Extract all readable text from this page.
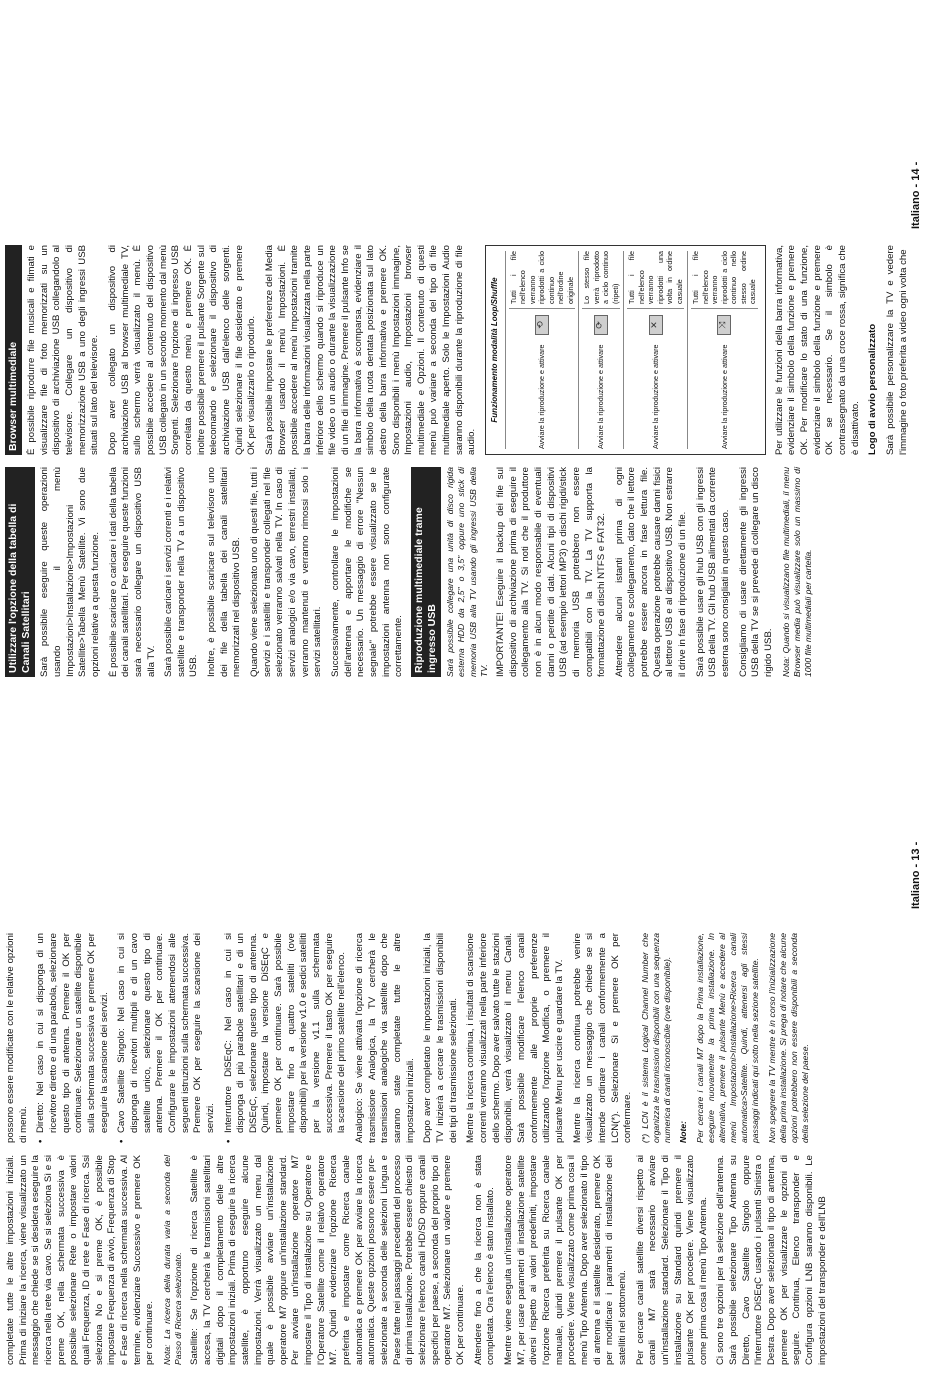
completate tutte le altre impostazioni iniziali. Prima di iniziare la ricerca, viene visualizzato un messaggio che chiede se si desidera eseguire la ricerca nella rete via cavo. Se si seleziona Sì e si preme OK, nella schermata successiva è possibile selezionare Rete o impostare valori quali Frequenza, ID di rete e Fase di ricerca. Ssi seleziona No e si preme OK, è possibile impostare Frequenza di avvio, Frequenza di Stop e Fase di ricerca nella schermata successiva. Al termine, evidenziare Successivo e premere OK per continuare. Nota: La ricerca della durata varia a seconda del Passo di Ricerca selezionato. Satellite: Se l'opzione di ricerca Satellite è accesa, la TV cercherà le trasmissioni satellitari digitali dopo il completamento delle altre impostazioni iniziali. Prima di eseguire la ricerca satellite, è opportuno eseguire alcune impostazioni. Verrà visualizzato un menu dal quale è possibile avviare un'installazione operatore M7 oppure un'installazione standard. Per avviare un'installazione operatore M7 impostare il Tipo di installazione su Operatore e l'Operatore Satellite come il relativo operatore M7. Quindi evidenziare l'opzione Ricerca preferita e impostare come Ricerca canale automatica e premere OK per avviare la ricerca automatica. Queste opzioni possono essere pre-selezionate a seconda delle selezioni Lingua e Paese fatte nei passaggi precedenti del processo di prima installazione. Potrebbe essere chiesto di selezionare l'elenco canali HD/SD oppure canali specifici per paese, a seconda del proprio tipo di operatore M7. Selezionare un valore e premere OK per continuare. Attendere fino a che la ricerca non è stata completata. Ora l'elenco è stato installato. Mentre viene eseguita un'installazione operatore M7, per usare parametri di installazione satellite diversi rispetto ai valori predefiniti, impostare l'opzione Ricerca preferita su Ricerca canale manuale, quindi premere il pulsante OK per procedere. Viene visualizzato come prima cosa il menù Tipo Antenna. Dopo aver selezionato il tipo di antenna e il satellite desiderato, premere OK per modificare i parametri di installazione dei satelliti nel sottomenù. Per cercare canali satellite diversi rispetto ai canali M7 sarà necessario avviare un'installazione standard. Selezionare il Tipo di installazione su Standard quindi premere il pulsante OK per procedere. Viene visualizzato come prima cosa il menù Tipo Antenna. Ci sono tre opzioni per la selezione dell'antenna. Sarà possibile selezionare Tipo Antenna su Diretto, Cavo Satellite Singolo oppure l'interruttore DiSEqC usando i pulsanti Sinistra o Destra. Dopo aver selezionato il tipo di antenna, premere OK per visualizzare le opzioni di seguire. Continua, Elenco transponder e Configura opzioni LNB saranno disponibili. Le impostazioni del transponder e dell'LNB

possono essere modificate con le relative opzioni di menù. • Diretto: Nel caso in cui si disponga di un ricevitore diretto e di una parabola, selezionare questo tipo di antenna. Premere il OK per continuare. Selezionare un satellite disponibile sulla schermata successiva e premere OK per eseguire la scansione dei servizi. • Cavo Satellite Singolo: Nel caso in cui si disponga di ricevitori multipli e di un cavo satellite unico, selezionare questo tipo di antenna. Premere il OK per continuare. Configurare le impostazioni attenendosi alle seguenti istruzioni sulla schermata successiva. Premere OK per eseguire la scansione dei servizi. • Interruttore DiSEqC: Nel caso in cui si disponga di più parabole satellitari e di un DiSEqC, selezionare questo tipo di antenna. Quindi, impostare la versione DiSEqC e premere OK per continuare. Sarà possibile impostare fino a quattro satelliti (ove disponibili) per la versione v1.0 e sedici satelliti per la versione v1.1 sulla schermata successiva. Premere il tasto OK per eseguire la scansione del primo satellite nell'elenco. Analogico: Se viene attivata l'opzione di ricerca trasmissione Analogica, la TV cercherà le trasmissioni analogiche via satellite dopo che saranno state completate tutte le altre impostazioni iniziali. Dopo aver completato le impostazioni iniziali, la TV inizierà a cercare le trasmissioni disponibili dei tipi di trasmissione selezionati. Mentre la ricerca continua, i risultati di scansione correnti verranno visualizzati nella parte inferiore dello schermo. Dopo aver salvato tutte le stazioni disponibili, verrà visualizzato il menu Canali. Sarà possibile modificare l'elenco canali conformemente alle proprie preferenze utilizzando l'opzione Modifica, o premere il pulsante Menu per uscire e guardare la TV. Mentre la ricerca continua potrebbe venire visualizzato un messaggio che chiede se si intende ordinare i canali conformemente a LCN(*). Selezionare Sì e premere OK per confermare. (*) LCN è il sistema Logical Channel Number che organizza le trasmissioni disponibili con una sequenza numerica di canali riconoscibile (ove disponibile). Note: Per cercare i canali M7 dopo la Prima installazione, eseguire nuovamente la prima installazione. In alternativa, premere il pulsante Menù e accedere al menù Impostazioni>Installazione>Ricerca canali automatica>Satellite. Quindi, attenersi agli stessi passaggi indicati qui sotto nella sezione satellite. Non spegnere la TV mentre è in corso l'inizializzazione della prima installazione. Si prega di notare che alcune opzioni potrebbero non essere disponibili a seconda della selezione del paese.

Italiano - 13 -
Utilizzare l'opzione della tabella di Canali Satellitari Sarà possibile eseguire queste operazioni usando il menù Impostazioni>Installazione>Impostazioni Satellite>Tabella Menù Satellite. Vi sono due opzioni relative a questa funzione. È possibile scaricare o caricare i dati della tabella dei canali satellitari. Per eseguire queste funzioni sarà necessario collegare un dispositivo USB alla TV. Sarà possibile caricare i servizi correnti e i relativi satellite e transponder nella TV a un dispositivo USB. Inoltre, è possibile scaricare sul televisore uno dei file della tabella dei canali satellitari memorizzati nel dispositivo USB. Quando viene selezionato uno di questi file, tutti i servizi e i satelliti e transponder collegati nel file selezionato verranno salvati nella TV. In caso di servizi analogici e/o via cavo, terrestri installati, verranno mantenuti e verranno rimossi solo i servizi satellitari. Successivamente, controllare le impostazioni dell'antenna e apportare le modifiche se necessario. Un messaggio di errore "Nessun segnale" potrebbe essere visualizzato se le impostazioni antenna non sono configurate correttamente. Riproduzione multimediale trame ingresso USB Sarà possibile collegare una unità di disco rigida esterna HDD da 2,5" o 3,5" oppure uno stick di memoria USB alla TV usando gli ingressi USB della TV. IMPORTANTE! Eseguire il backup dei file sul dispositivo di archiviazione prima di eseguire il collegamento alla TV. Si noti che il produttore non è in alcun modo responsabile di eventuali danni o perdite di dati. Alcuni tipi di dispositivi USB (ad esempio lettori MP3) o dischi rigidi/stick di memoria USB potrebbero non essere compatibili con la TV. La TV supporta la formattazione di dischi NTFS e FAT32. Attendere alcuni istanti prima di ogni collegamento e scollegamento, dato che il lettore potrebbe essere ancora in fase lettura file. Questa operazione potrebbe causare danni fisici al lettore USB e al dispositivo USB. Non estrarre il drive in fase di riproduzione di un file. Sarà possibile usare gli hub USB con gli ingressi USB della TV. Gli hub USB alimentati da corrente esterna sono consigliati in questo caso. Consigliamo di usare direttamente gli ingressi USB della TV se si prevede di collegare un disco rigido USB. Nota: Quando si visualizzano file multimediali, il menu Browser media può visualizzare solo un massimo di 1000 file multimediali per cartella.

Browser multimediale È possibile riprodurre file musicali e filmati e visualizzare file di foto memorizzati su un dispositivo di archiviazione USB collegandolo al televisore. Collegare un dispositivo di memorizzazione USB a uno degli ingressi USB situati sul lato del televisore. Dopo aver collegato un dispositivo di archiviazione USB al browser multimediale TV, sullo schermo verrà visualizzato il menù. È possibile accedere al contenuto del dispositivo USB collegato in un secondo momento dal menù Sorgenti. Selezionare l'opzione di ingresso USB correlata da questo menù e premere OK. È inoltre possibile premere il pulsante Sorgente sul telecomando e selezionare il dispositivo di archiviazione USB dall'elenco delle sorgenti. Quindi selezionare il file desiderato e premere OK per visualizzarlo o riprodurlo. Sarà possibile impostare le preferenze del Media Browser usando il menù Impostazioni. È possibile accedere al menù Impostazioni tramite la barra delle informazioni visualizzata nella parte inferiore dello schermo quando si riproduce un file video o un audio o durante la visualizzazione di un file di immagine. Premere il pulsante Info se la barra informativa è scomparsa, evidenziare il simbolo della ruota dentata posizionata sul lato destro della barra informativa e premere OK. Sono disponibili i menù Impostazioni immagine, Impostazioni audio, Impostazioni browser multimediale e Opzioni. Il contenuto di questi menù può variare a seconda del tipo di file multimediale aperto. Solo le Impostazioni Audio saranno disponibili durante la riproduzione di file audio.

Funzionamento modalità Loop/Shuffle	Avviare la riproduzione e attivare
⟲
Tutti i file nell'elenco verranno riprodotti a ciclo continuo nell'ordine originale
Avviare la riproduzione e attivare
⟳
Lo stesso file verrà riprodotto a ciclo continuo (ripeti)
Avviare la riproduzione e attivare
✕
Tutti i file nell'elenco verranno riprodotti una volta in ordine casuale
Avviare la riproduzione e attivare
⤨
Tutti i file nell'elenco verranno riprodotti a ciclo continuo nello stesso ordine casuale Per utilizzare le funzioni della barra informativa, evidenziare il simbolo della funzione e premere OK. Per modificare lo stato di una funzione, evidenziare il simbolo della funzione e premere OK se necessario. Se il simbolo è contrassegnato da una croce rossa, significa che è disattivato. Logo di avvio personalizzato Sarà possibile personalizzare la TV e vedere l'immagine o foto preferita a video ogni volta che

Italiano - 14 -
